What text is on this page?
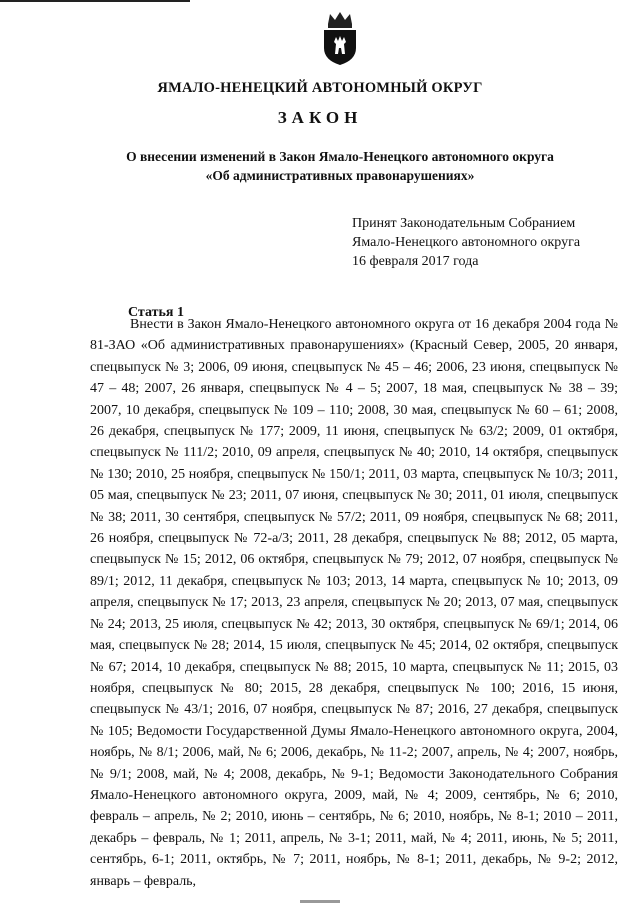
ЯМАЛО-НЕНЕЦКИЙ АВТОНОМНЫЙ ОКРУГ
ЗАКОН
О внесении изменений в Закон Ямало-Ненецкого автономного округа
«Об административных правонарушениях»
Принят Законодательным Собранием
Ямало-Ненецкого автономного округа
16 февраля 2017 года
Статья 1

Внести в Закон Ямало-Ненецкого автономного округа от 16 декабря 2004 года № 81-ЗАО «Об административных правонарушениях» (Красный Север, 2005, 20 января, спецвыпуск № 3; 2006, 09 июня, спецвыпуск № 45 – 46; 2006, 23 июня, спецвыпуск № 47 – 48; 2007, 26 января, спецвыпуск № 4 – 5; 2007, 18 мая, спецвыпуск № 38 – 39; 2007, 10 декабря, спецвыпуск № 109 – 110; 2008, 30 мая, спецвыпуск № 60 – 61; 2008, 26 декабря, спецвыпуск № 177; 2009, 11 июня, спецвыпуск № 63/2; 2009, 01 октября, спецвыпуск № 111/2; 2010, 09 апреля, спецвыпуск № 40; 2010, 14 октября, спецвыпуск № 130; 2010, 25 ноября, спецвыпуск № 150/1; 2011, 03 марта, спецвыпуск № 10/3; 2011, 05 мая, спецвыпуск № 23; 2011, 07 июня, спецвыпуск № 30; 2011, 01 июля, спецвыпуск № 38; 2011, 30 сентября, спецвыпуск № 57/2; 2011, 09 ноября, спецвыпуск № 68; 2011, 26 ноября, спецвыпуск № 72-а/3; 2011, 28 декабря, спецвыпуск № 88; 2012, 05 марта, спецвыпуск № 15; 2012, 06 октября, спецвыпуск № 79; 2012, 07 ноября, спецвыпуск № 89/1; 2012, 11 декабря, спецвыпуск № 103; 2013, 14 марта, спецвыпуск № 10; 2013, 09 апреля, спецвыпуск № 17; 2013, 23 апреля, спецвыпуск № 20; 2013, 07 мая, спецвыпуск № 24; 2013, 25 июля, спецвыпуск № 42; 2013, 30 октября, спецвыпуск № 69/1; 2014, 06 мая, спецвыпуск № 28; 2014, 15 июля, спецвыпуск № 45; 2014, 02 октября, спецвыпуск № 67; 2014, 10 декабря, спецвыпуск № 88; 2015, 10 марта, спецвыпуск № 11; 2015, 03 ноября, спецвыпуск № 80; 2015, 28 декабря, спецвыпуск № 100; 2016, 15 июня, спецвыпуск № 43/1; 2016, 07 ноября, спецвыпуск № 87; 2016, 27 декабря, спецвыпуск № 105; Ведомости Государственной Думы Ямало-Ненецкого автономного округа, 2004, ноябрь, № 8/1; 2006, май, № 6; 2006, декабрь, № 11-2; 2007, апрель, № 4; 2007, ноябрь, № 9/1; 2008, май, № 4; 2008, декабрь, № 9-1; Ведомости Законодательного Собрания Ямало-Ненецкого автономного округа, 2009, май, № 4; 2009, сентябрь, № 6; 2010, февраль – апрель, № 2; 2010, июнь – сентябрь, № 6; 2010, ноябрь, № 8-1; 2010 – 2011, декабрь – февраль, № 1; 2011, апрель, № 3-1; 2011, май, № 4; 2011, июнь, № 5; 2011, сентябрь, 6-1; 2011, октябрь, № 7; 2011, ноябрь, № 8-1; 2011, декабрь, № 9-2; 2012, январь – февраль,
